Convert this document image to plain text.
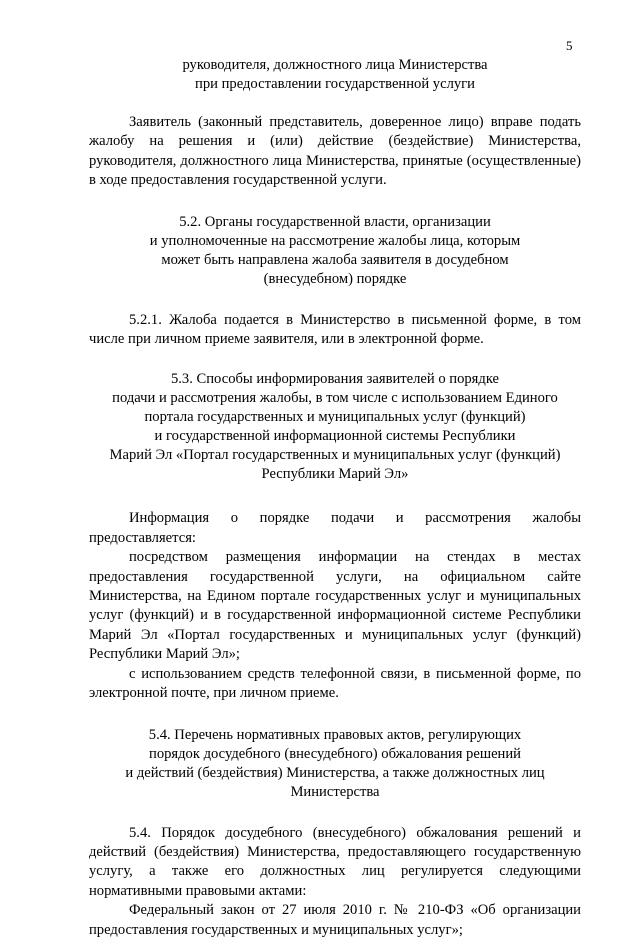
5
руководителя, должностного лица Министерства
при предоставлении государственной услуги

Заявитель (законный представитель, доверенное лицо) вправе подать жалобу на решения и (или) действие (бездействие) Министерства, руководителя, должностного лица Министерства, принятые (осуществленные) в ходе предоставления государственной услуги.

5.2. Органы государственной власти, организации
и уполномоченные на рассмотрение жалобы лица, которым
может быть направлена жалоба заявителя в досудебном
(внесудебном) порядке

5.2.1. Жалоба подается в Министерство в письменной форме, в том числе при личном приеме заявителя, или в электронной форме.

5.3. Способы информирования заявителей о порядке
подачи и рассмотрения жалобы, в том числе с использованием Единого
портала государственных и муниципальных услуг (функций)
и государственной информационной системы Республики
Марий Эл «Портал государственных и муниципальных услуг (функций)
Республики Марий Эл»

Информация о порядке подачи и рассмотрения жалобы предоставляется:

посредством размещения информации на стендах в местах предоставления государственной услуги, на официальном сайте Министерства, на Едином портале государственных услуг и муниципальных услуг (функций) и в государственной информационной системе Республики Марий Эл «Портал государственных и муниципальных услуг (функций) Республики Марий Эл»;

с использованием средств телефонной связи, в письменной форме, по электронной почте, при личном приеме.

5.4. Перечень нормативных правовых актов, регулирующих
порядок досудебного (внесудебного) обжалования решений
и действий (бездействия) Министерства, а также должностных лиц
Министерства

5.4. Порядок досудебного (внесудебного) обжалования решений и действий (бездействия) Министерства, предоставляющего государственную услугу, а также его должностных лиц регулируется следующими нормативными правовыми актами:

Федеральный закон от 27 июля 2010 г. № 210-ФЗ «Об организации предоставления государственных и муниципальных услуг»;
